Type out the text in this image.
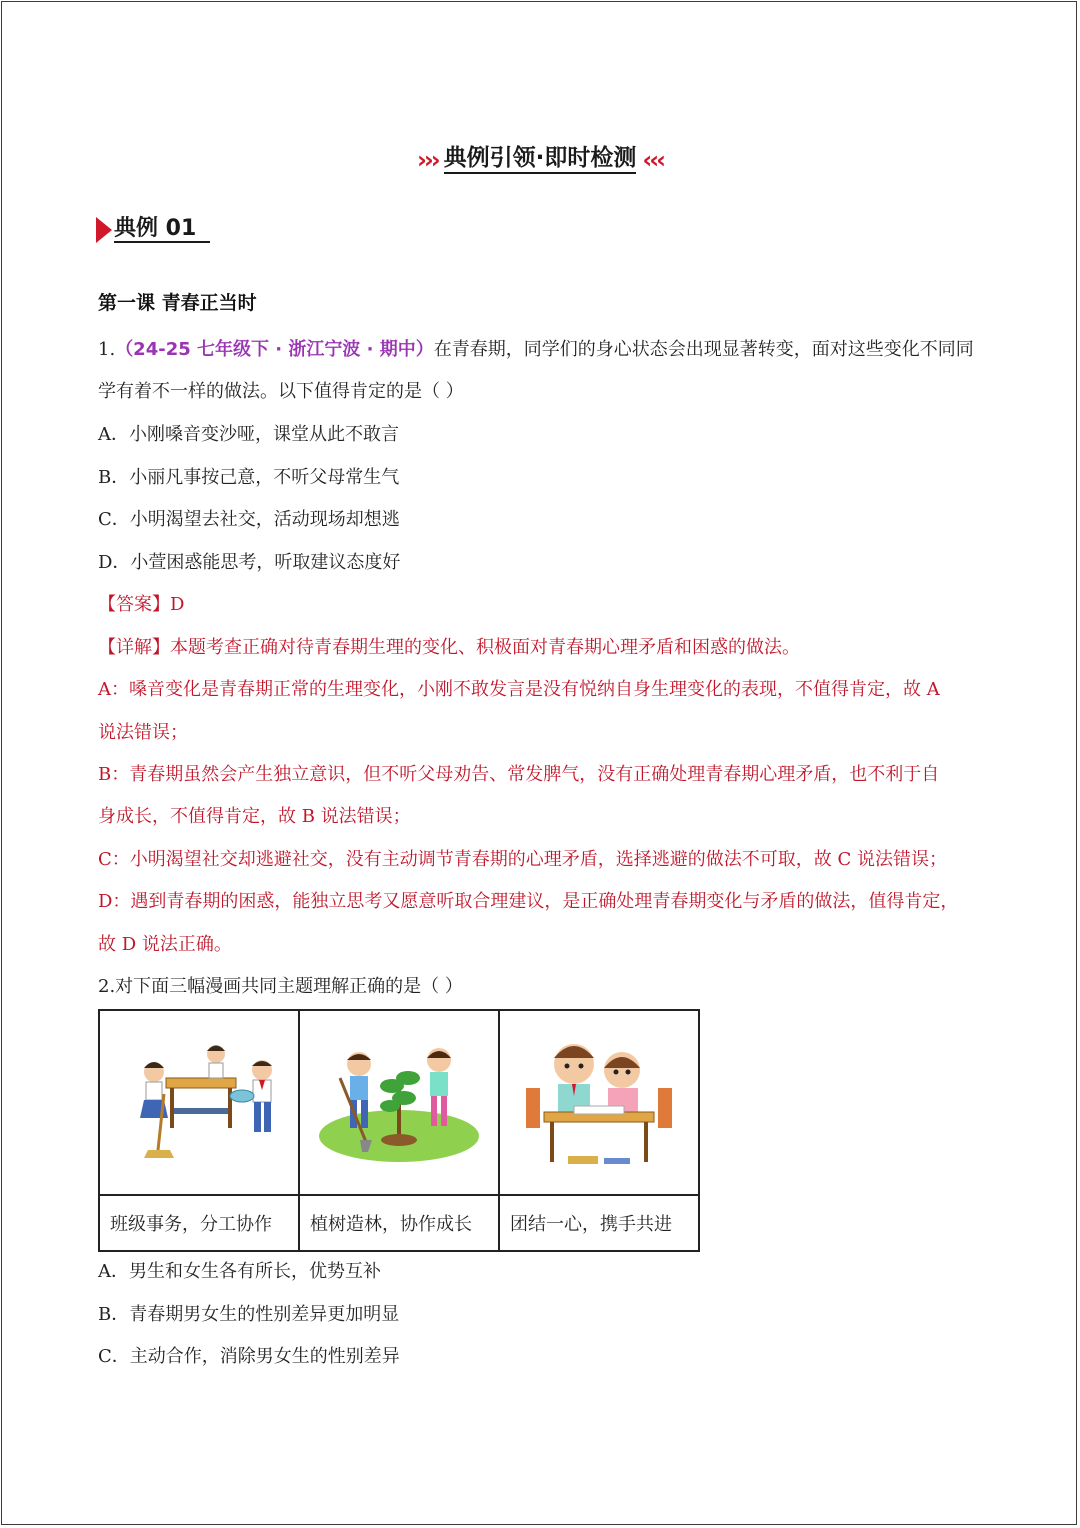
››› 典例引领·即时检测 ‹‹‹
典例 01
第一课 青春正当时
1.（24-25 七年级下 · 浙江宁波 · 期中）在青春期，同学们的身心状态会出现显著转变，面对这些变化不同同
学有着不一样的做法。以下值得肯定的是（ ）
A．小刚嗓音变沙哑，课堂从此不敢言
B．小丽凡事按己意，不听父母常生气
C．小明渴望去社交，活动现场却想逃
D．小萱困惑能思考，听取建议态度好
【答案】D
【详解】本题考查正确对待青春期生理的变化、积极面对青春期心理矛盾和困惑的做法。
A：嗓音变化是青春期正常的生理变化，小刚不敢发言是没有悦纳自身生理变化的表现，不值得肯定，故 A
说法错误；
B：青春期虽然会产生独立意识，但不听父母劝告、常发脾气，没有正确处理青春期心理矛盾，也不利于自
身成长，不值得肯定，故 B 说法错误；
C：小明渴望社交却逃避社交，没有主动调节青春期的心理矛盾，选择逃避的做法不可取，故 C 说法错误；
D：遇到青春期的困惑，能独立思考又愿意听取合理建议，是正确处理青春期变化与矛盾的做法，值得肯定，
故 D 说法正确。
2.对下面三幅漫画共同主题理解正确的是（ ）

班级事务，分工协作	植树造林，协作成长	团结一心，携手共进
A．男生和女生各有所长，优势互补
B．青春期男女生的性别差异更加明显
C．主动合作，消除男女生的性别差异
